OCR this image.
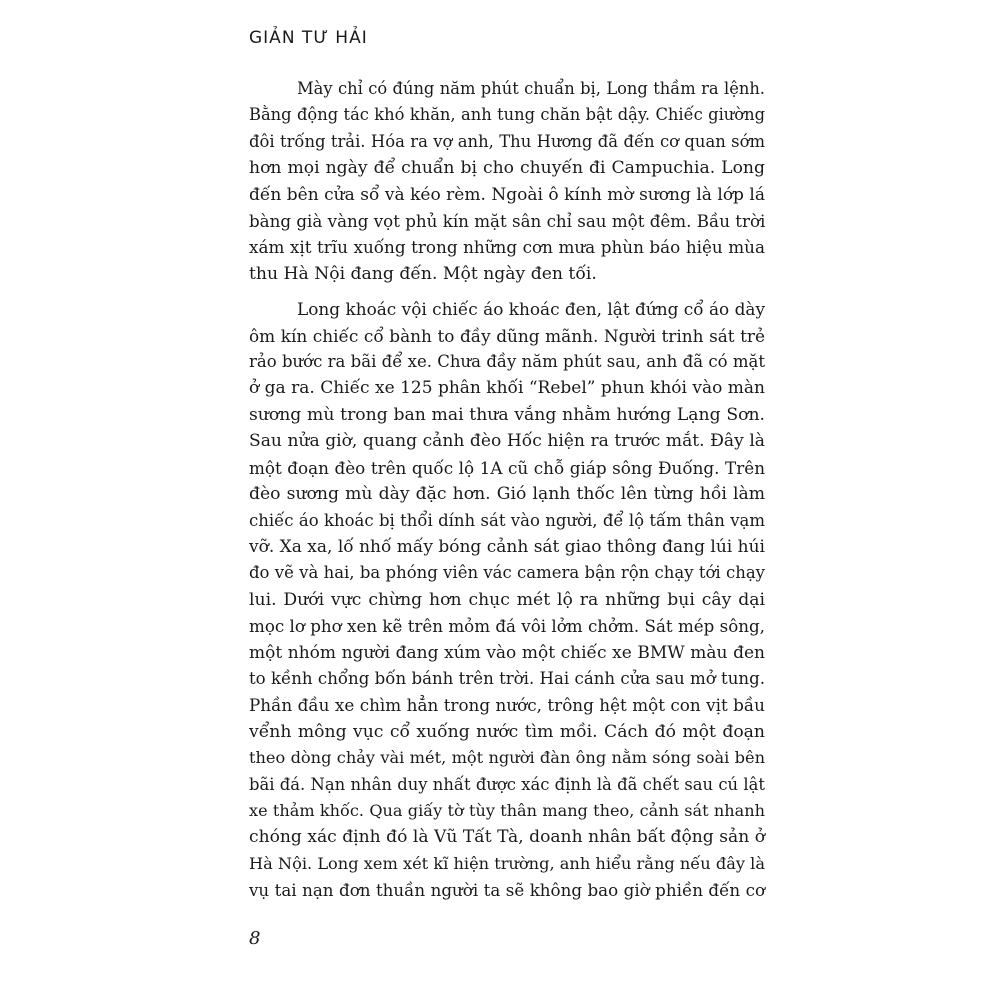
GIẢN TƯ HẢI

Mày chỉ có đúng năm phút chuẩn bị, Long thầm ra lệnh.
Bằng động tác khó khăn, anh tung chăn bật dậy. Chiếc giường
đôi trống trải. Hóa ra vợ anh, Thu Hương đã đến cơ quan sớm
hơn mọi ngày để chuẩn bị cho chuyến đi Campuchia. Long
đến bên cửa sổ và kéo rèm. Ngoài ô kính mờ sương là lớp lá
bàng già vàng vọt phủ kín mặt sân chỉ sau một đêm. Bầu trời
xám xịt trĩu xuống trong những cơn mưa phùn báo hiệu mùa
thu Hà Nội đang đến. Một ngày đen tối.

Long khoác vội chiếc áo khoác đen, lật đứng cổ áo dày
ôm kín chiếc cổ bành to đầy dũng mãnh. Người trinh sát trẻ
rảo bước ra bãi để xe. Chưa đầy năm phút sau, anh đã có mặt
ở ga ra. Chiếc xe 125 phân khối “Rebel” phun khói vào màn
sương mù trong ban mai thưa vắng nhằm hướng Lạng Sơn.
Sau nửa giờ, quang cảnh đèo Hốc hiện ra trước mắt. Đây là
một đoạn đèo trên quốc lộ 1A cũ chỗ giáp sông Đuống. Trên
đèo sương mù dày đặc hơn. Gió lạnh thốc lên từng hồi làm
chiếc áo khoác bị thổi dính sát vào người, để lộ tấm thân vạm
vỡ. Xa xa, lố nhố mấy bóng cảnh sát giao thông đang lúi húi
đo vẽ và hai, ba phóng viên vác camera bận rộn chạy tới chạy
lui. Dưới vực chừng hơn chục mét lộ ra những bụi cây dại
mọc lơ phơ xen kẽ trên mỏm đá vôi lởm chởm. Sát mép sông,
một nhóm người đang xúm vào một chiếc xe BMW màu đen
to kềnh chổng bốn bánh trên trời. Hai cánh cửa sau mở tung.
Phần đầu xe chìm hẳn trong nước, trông hệt một con vịt bầu
vểnh mông vục cổ xuống nước tìm mồi. Cách đó một đoạn
theo dòng chảy vài mét, một người đàn ông nằm sóng soài bên
bãi đá. Nạn nhân duy nhất được xác định là đã chết sau cú lật
xe thảm khốc. Qua giấy tờ tùy thân mang theo, cảnh sát nhanh
chóng xác định đó là Vũ Tất Tà, doanh nhân bất động sản ở
Hà Nội. Long xem xét kĩ hiện trường, anh hiểu rằng nếu đây là
vụ tai nạn đơn thuần người ta sẽ không bao giờ phiền đến cơ

8
